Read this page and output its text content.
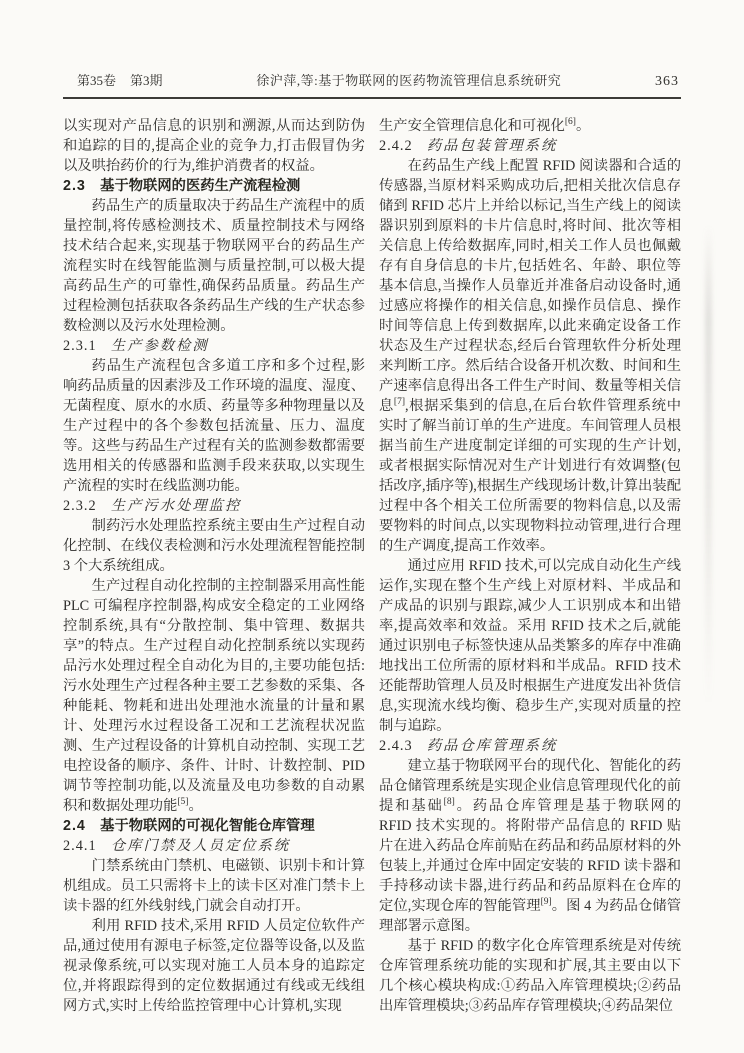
第35卷 第3期	徐沪萍,等:基于物联网的医药物流管理信息系统研究	363

以实现对产品信息的识别和溯源,从而达到防伪和追踪的目的,提高企业的竞争力,打击假冒伪劣以及哄抬药价的行为,维护消费者的权益。

2.3 基于物联网的医药生产流程检测

药品生产的质量取决于药品生产流程中的质量控制,将传感检测技术、质量控制技术与网络技术结合起来,实现基于物联网平台的药品生产流程实时在线智能监测与质量控制,可以极大提高药品生产的可靠性,确保药品质量。药品生产过程检测包括获取各条药品生产线的生产状态参数检测以及污水处理检测。

2.3.1 生产参数检测

药品生产流程包含多道工序和多个过程,影响药品质量的因素涉及工作环境的温度、湿度、无菌程度、原水的水质、药量等多种物理量以及生产过程中的各个参数包括流量、压力、温度等。这些与药品生产过程有关的监测参数都需要选用相关的传感器和监测手段来获取,以实现生产流程的实时在线监测功能。

2.3.2 生产污水处理监控

制药污水处理监控系统主要由生产过程自动化控制、在线仪表检测和污水处理流程智能控制3 个大系统组成。

生产过程自动化控制的主控制器采用高性能PLC 可编程序控制器,构成安全稳定的工业网络控制系统,具有“分散控制、集中管理、数据共享”的特点。生产过程自动化控制系统以实现药品污水处理过程全自动化为目的,主要功能包括:污水处理生产过程各种主要工艺参数的采集、各种能耗、物耗和进出处理池水流量的计量和累计、处理污水过程设备工况和工艺流程状况监测、生产过程设备的计算机自动控制、实现工艺电控设备的顺序、条件、计时、计数控制、PID 调节等控制功能,以及流量及电功参数的自动累积和数据处理功能[5]。

2.4 基于物联网的可视化智能仓库管理
2.4.1 仓库门禁及人员定位系统

门禁系统由门禁机、电磁锁、识别卡和计算机组成。员工只需将卡上的读卡区对准门禁卡上读卡器的红外线射线,门就会自动打开。

利用 RFID 技术,采用 RFID 人员定位软件产品,通过使用有源电子标签,定位器等设备,以及监视录像系统,可以实现对施工人员本身的追踪定位,并将跟踪得到的定位数据通过有线或无线组网方式,实时上传给监控管理中心计算机,实现

生产安全管理信息化和可视化[6]。

2.4.2 药品包装管理系统

在药品生产线上配置 RFID 阅读器和合适的传感器,当原材料采购成功后,把相关批次信息存储到 RFID 芯片上并给以标记,当生产线上的阅读器识别到原料的卡片信息时,将时间、批次等相关信息上传给数据库,同时,相关工作人员也佩戴存有自身信息的卡片,包括姓名、年龄、职位等基本信息,当操作人员靠近并准备启动设备时,通过感应将操作的相关信息,如操作员信息、操作时间等信息上传到数据库,以此来确定设备工作状态及生产过程状态,经后台管理软件分析处理来判断工序。然后结合设备开机次数、时间和生产速率信息得出各工件生产时间、数量等相关信息[7],根据采集到的信息,在后台软件管理系统中实时了解当前订单的生产进度。车间管理人员根据当前生产进度制定详细的可实现的生产计划,或者根据实际情况对生产计划进行有效调整(包括改序,插序等),根据生产线现场计数,计算出装配过程中各个相关工位所需要的物料信息,以及需要物料的时间点,以实现物料拉动管理,进行合理的生产调度,提高工作效率。

通过应用 RFID 技术,可以完成自动化生产线运作,实现在整个生产线上对原材料、半成品和产成品的识别与跟踪,减少人工识别成本和出错率,提高效率和效益。采用 RFID 技术之后,就能通过识别电子标签快速从品类繁多的库存中准确地找出工位所需的原材料和半成品。RFID 技术还能帮助管理人员及时根据生产进度发出补货信息,实现流水线均衡、稳步生产,实现对质量的控制与追踪。

2.4.3 药品仓库管理系统

建立基于物联网平台的现代化、智能化的药品仓储管理系统是实现企业信息管理现代化的前提和基础[8]。药品仓库管理是基于物联网的 RFID 技术实现的。将附带产品信息的 RFID 贴片在进入药品仓库前贴在药品和药品原材料的外包装上,并通过仓库中固定安装的 RFID 读卡器和手持移动读卡器,进行药品和药品原料在仓库的定位,实现仓库的智能管理[9]。图 4 为药品仓储管理部署示意图。

基于 RFID 的数字化仓库管理系统是对传统仓库管理系统功能的实现和扩展,其主要由以下几个核心模块构成:①药品入库管理模块;②药品出库管理模块;③药品库存管理模块;④药品架位
